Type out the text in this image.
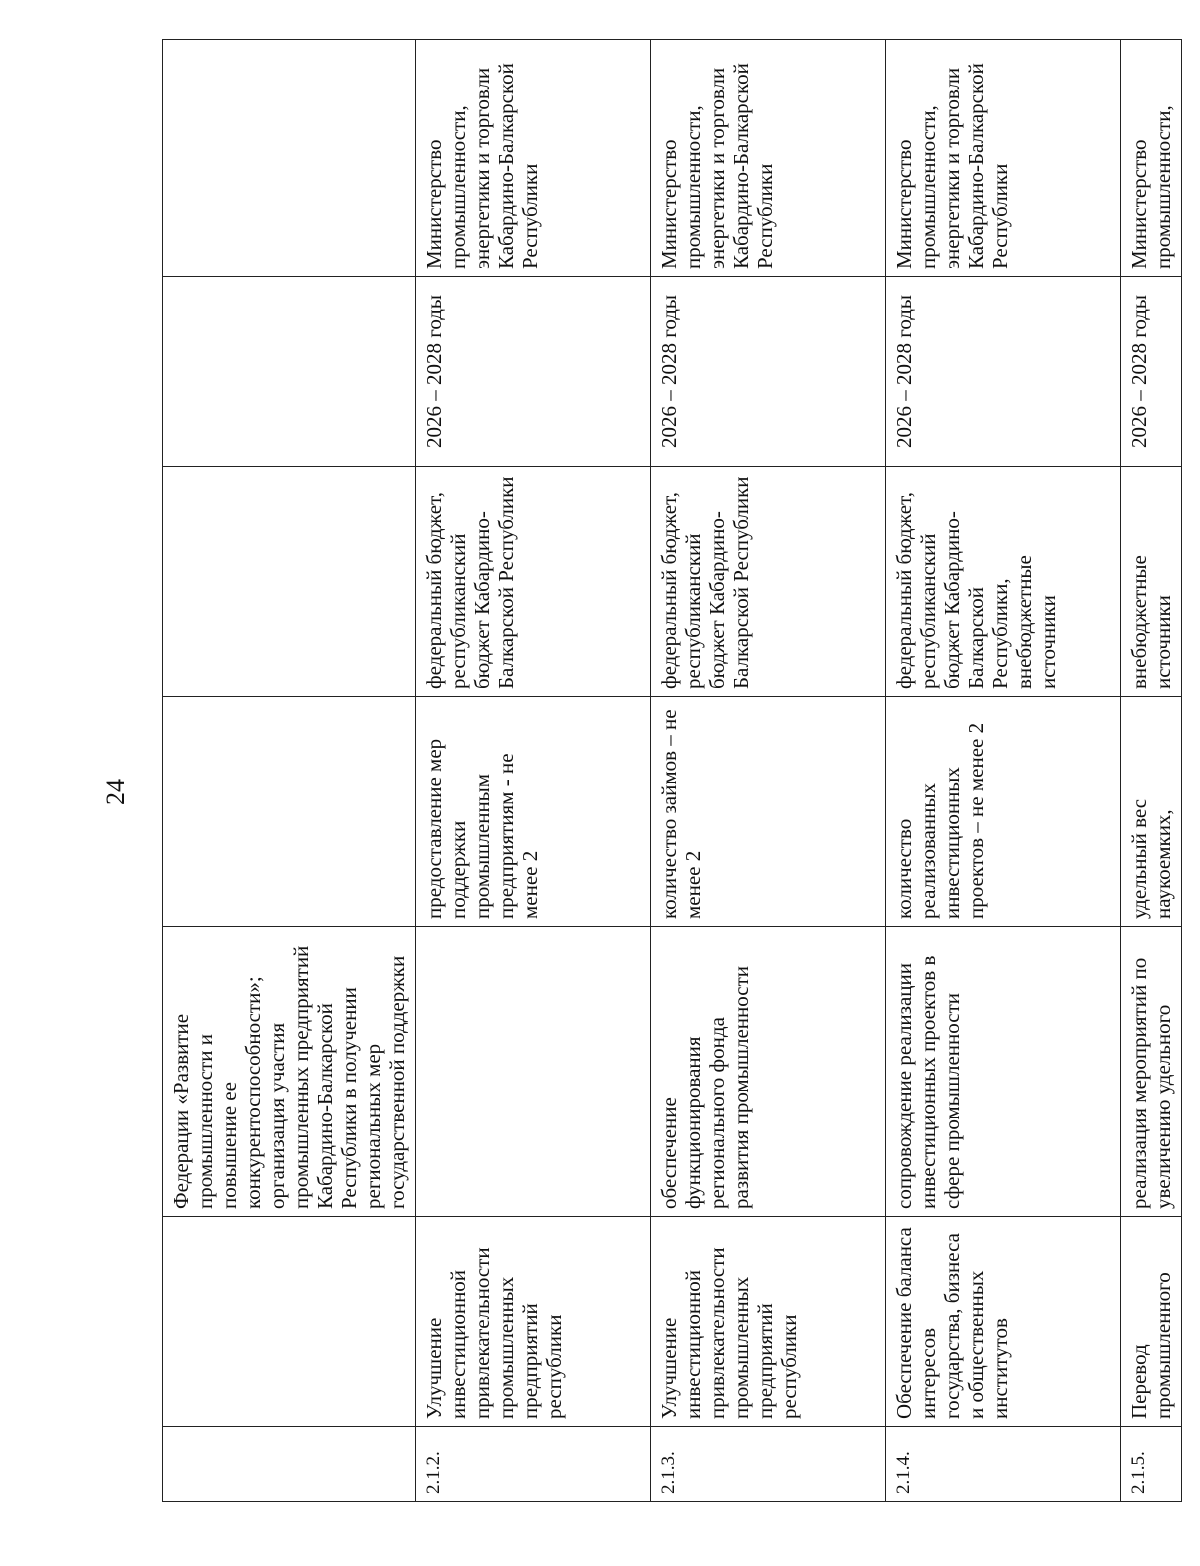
24
		Федерации «Развитие промышленности и повышение ее конкурентоспособности»; организация участия промышленных предприятий Кабардино-Балкарской Республики в получении региональных мер государственной поддержки				
2.1.2.	Улучшение инвестиционной привлекательности промышленных предприятий республики		предоставление мер поддержки промышленным предприятиям - не менее 2	федеральный бюджет, республиканский бюджет Кабардино-Балкарской Республики	2026 – 2028 годы	Министерство промышленности, энергетики и торговли Кабардино-Балкарской Республики
2.1.3.	Улучшение инвестиционной привлекательности промышленных предприятий республики	обеспечение функционирования регионального фонда развития промышленности	количество займов – не менее 2	федеральный бюджет, республиканский бюджет Кабардино-Балкарской Республики	2026 – 2028 годы	Министерство промышленности, энергетики и торговли Кабардино-Балкарской Республики
2.1.4.	Обеспечение баланса интересов государства, бизнеса и общественных институтов	сопровождение реализации инвестиционных проектов в сфере промышленности	количество реализованных инвестиционных проектов – не менее 2	федеральный бюджет, республиканский бюджет Кабардино-Балкарской Республики, внебюджетные источники	2026 – 2028 годы	Министерство промышленности, энергетики и торговли Кабардино-Балкарской Республики
2.1.5.	Перевод промышленного	реализация мероприятий по увеличению удельного	удельный вес наукоемких,	внебюджетные источники	2026 – 2028 годы	Министерство промышленности,
